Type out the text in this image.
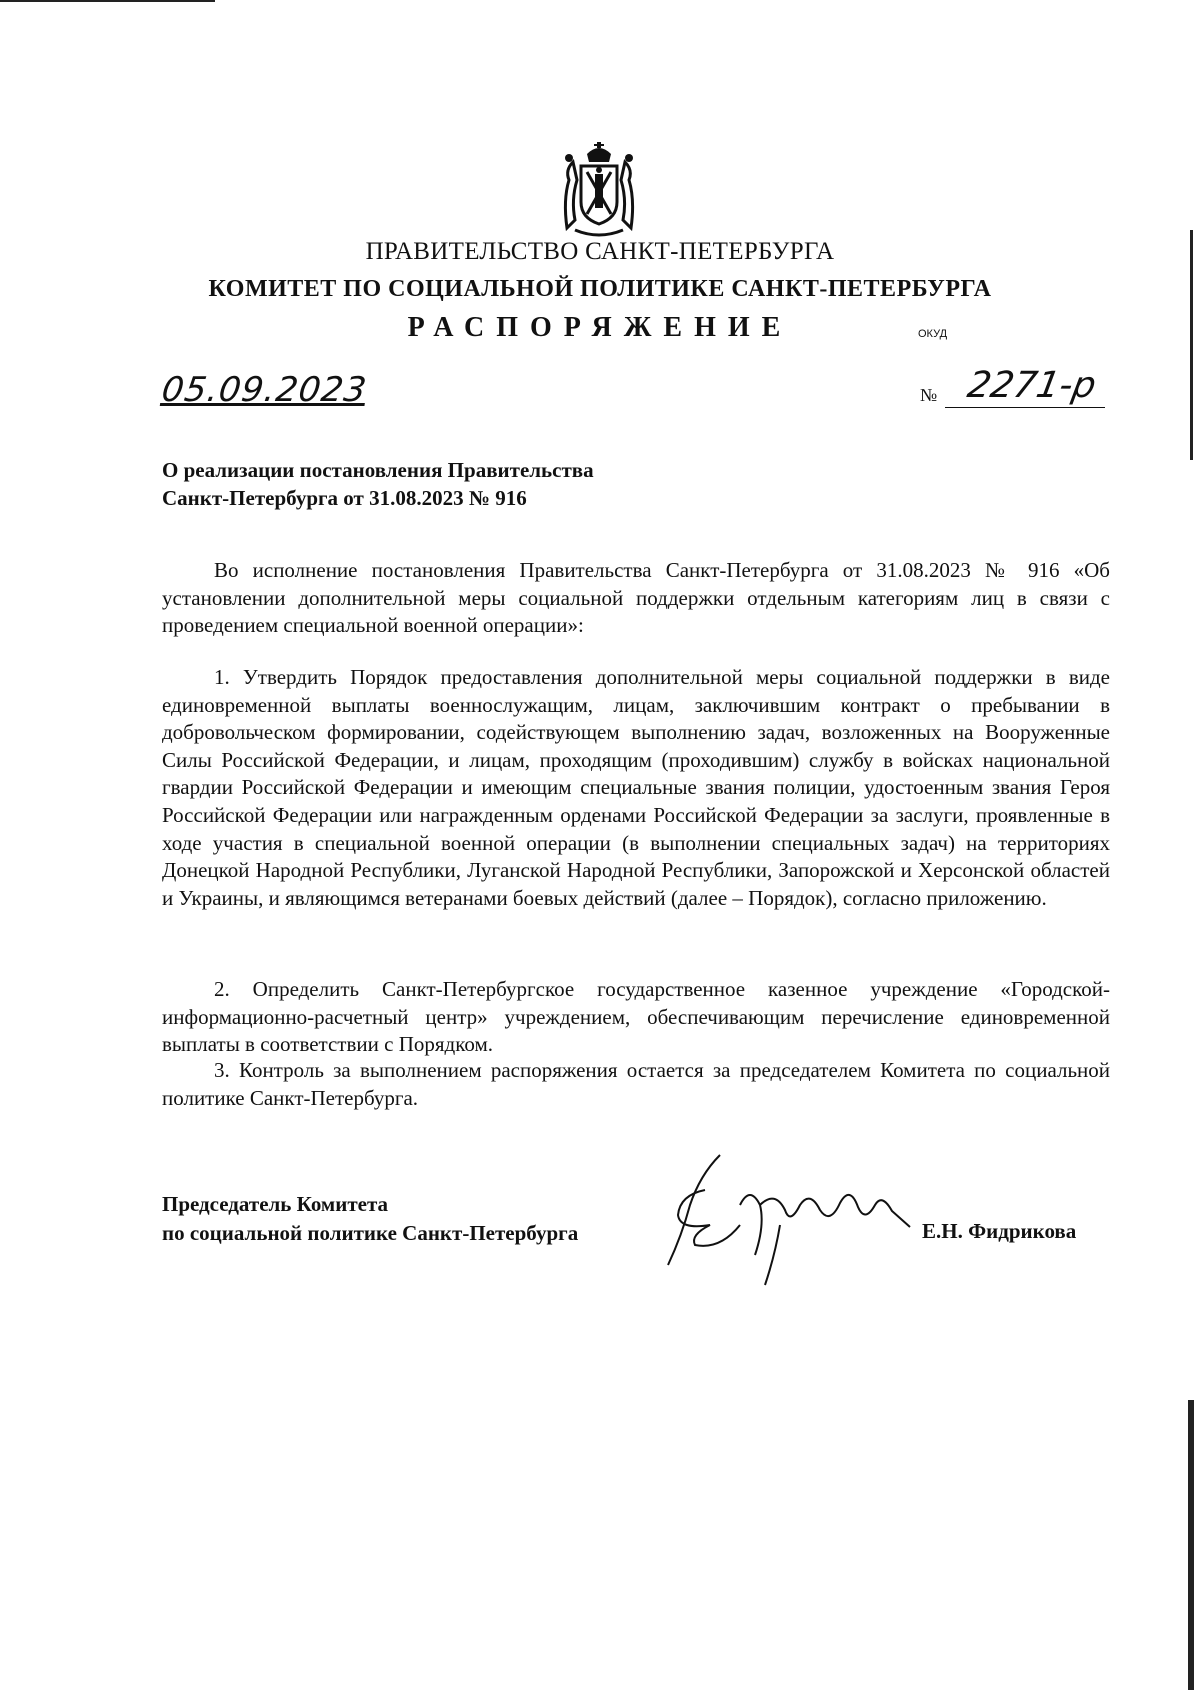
ПРАВИТЕЛЬСТВО САНКТ-ПЕТЕРБУРГА
КОМИТЕТ ПО СОЦИАЛЬНОЙ ПОЛИТИКЕ САНКТ-ПЕТЕРБУРГА
РАСПОРЯЖЕНИЕ	ОКУД
05.09.2023	№ 2271-р
О реализации постановления Правительства
Санкт-Петербурга от 31.08.2023 № 916
Во исполнение постановления Правительства Санкт-Петербурга от 31.08.2023 № 916 «Об установлении дополнительной меры социальной поддержки отдельным категориям лиц в связи с проведением специальной военной операции»:
1. Утвердить Порядок предоставления дополнительной меры социальной поддержки в виде единовременной выплаты военнослужащим, лицам, заключившим контракт о пребывании в добровольческом формировании, содействующем выполнению задач, возложенных на Вооруженные Силы Российской Федерации, и лицам, проходящим (проходившим) службу в войсках национальной гвардии Российской Федерации и имеющим специальные звания полиции, удостоенным звания Героя Российской Федерации или награжденным орденами Российской Федерации за заслуги, проявленные в ходе участия в специальной военной операции (в выполнении специальных задач) на территориях Донецкой Народной Республики, Луганской Народной Республики, Запорожской и Херсонской областей и Украины, и являющимся ветеранами боевых действий (далее – Порядок), согласно приложению.
2. Определить Санкт-Петербургское государственное казенное учреждение «Городской-информационно-расчетный центр» учреждением, обеспечивающим перечисление единовременной выплаты в соответствии с Порядком.
3. Контроль за выполнением распоряжения остается за председателем Комитета по социальной политике Санкт-Петербурга.
Председатель Комитета
по социальной политике Санкт-Петербурга	Е.Н. Фидрикова
